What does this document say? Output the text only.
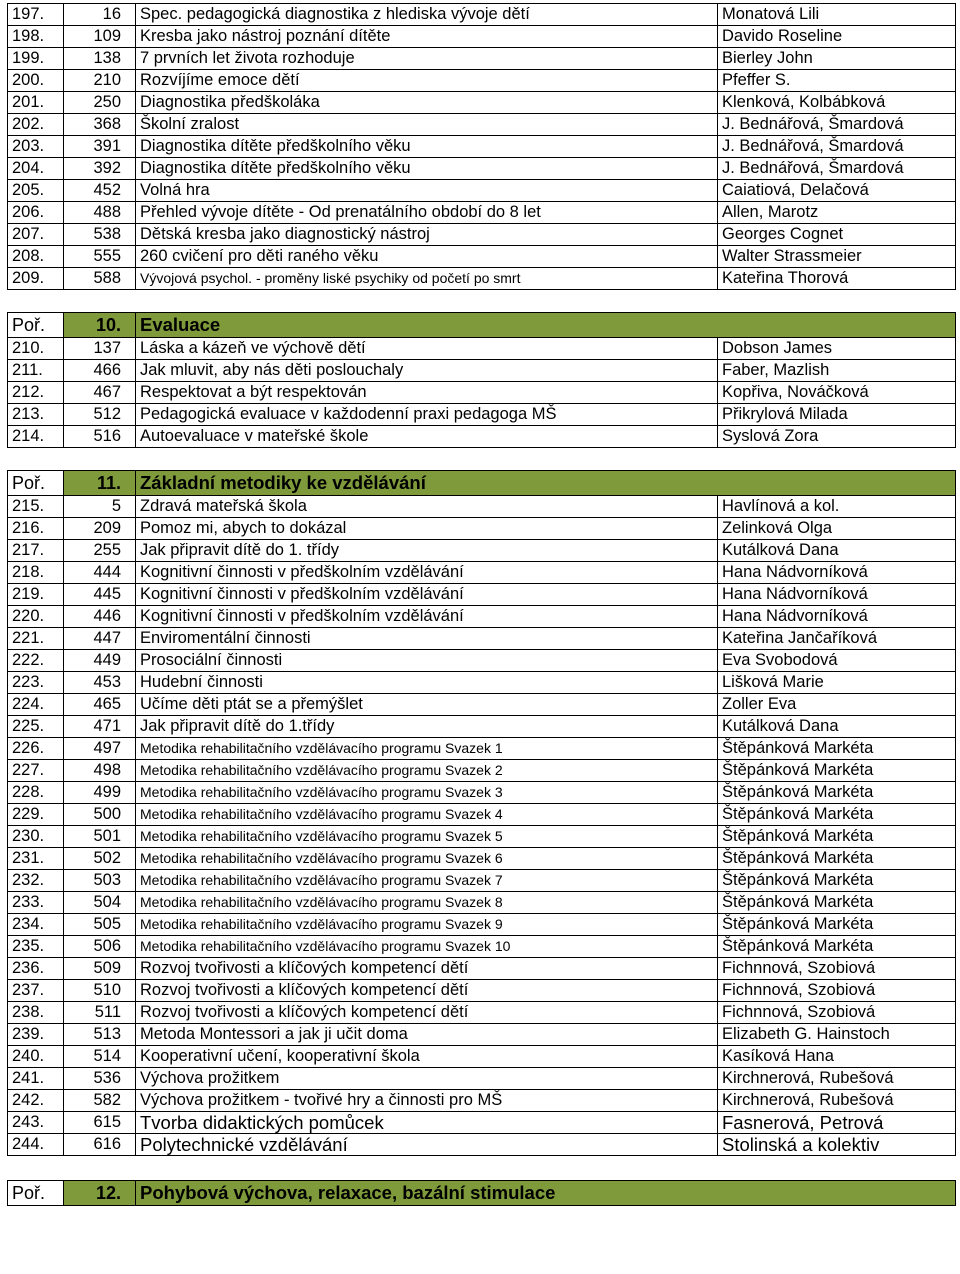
197.	16	Spec. pedagogická diagnostika z hlediska vývoje dětí	Monatová Lili
198.	109	Kresba jako nástroj poznání dítěte	Davido Roseline
199.	138	7 prvních let života rozhoduje	Bierley John
200.	210	Rozvíjíme emoce dětí	Pfeffer S.
201.	250	Diagnostika předškoláka	Klenková, Kolbábková
202.	368	Školní zralost	J. Bednářová, Šmardová
203.	391	Diagnostika dítěte předškolního věku	J. Bednářová, Šmardová
204.	392	Diagnostika dítěte předškolního věku	J. Bednářová, Šmardová
205.	452	Volná hra	Caiatiová, Delačová
206.	488	Přehled vývoje dítěte - Od prenatálního období do 8 let	Allen, Marotz
207.	538	Dětská kresba jako diagnostický nástroj	Georges Cognet
208.	555	260 cvičení pro děti raného věku	Walter Strassmeier
209.	588	Vývojová psychol. - proměny liské psychiky od početí po smrt	Kateřina Thorová
Poř.	10.	Evaluace	
210.	137	Láska a kázeň ve výchově dětí	Dobson James
211.	466	Jak mluvit, aby nás děti poslouchaly	Faber, Mazlish
212.	467	Respektovat a být respektován	Kopřiva, Nováčková
213.	512	Pedagogická evaluace v každodenní praxi pedagoga MŠ	Přikrylová Milada
214.	516	Autoevaluace v mateřské škole	Syslová Zora
Poř.	11.	Základní metodiky ke vzdělávání	
215.	5	Zdravá mateřská škola	Havlínová a kol.
216.	209	Pomoz mi, abych to dokázal	Zelinková Olga
217.	255	Jak připravit dítě do 1. třídy	Kutálková Dana
218.	444	Kognitivní činnosti v předškolním vzdělávání	Hana Nádvorníková
219.	445	Kognitivní činnosti v předškolním vzdělávání	Hana Nádvorníková
220.	446	Kognitivní činnosti v předškolním vzdělávání	Hana Nádvorníková
221.	447	Enviromentální činnosti	Kateřina Jančaříková
222.	449	Prosociální činnosti	Eva Svobodová
223.	453	Hudební činnosti	Lišková Marie
224.	465	Učíme děti ptát se a přemýšlet	Zoller Eva
225.	471	Jak připravit dítě do 1.třídy	Kutálková Dana
226.	497	Metodika rehabilitačního vzdělávacího programu Svazek 1	Štěpánková Markéta
227.	498	Metodika rehabilitačního vzdělávacího programu Svazek 2	Štěpánková Markéta
228.	499	Metodika rehabilitačního vzdělávacího programu Svazek 3	Štěpánková Markéta
229.	500	Metodika rehabilitačního vzdělávacího programu Svazek 4	Štěpánková Markéta
230.	501	Metodika rehabilitačního vzdělávacího programu Svazek 5	Štěpánková Markéta
231.	502	Metodika rehabilitačního vzdělávacího programu Svazek 6	Štěpánková Markéta
232.	503	Metodika rehabilitačního vzdělávacího programu Svazek 7	Štěpánková Markéta
233.	504	Metodika rehabilitačního vzdělávacího programu Svazek 8	Štěpánková Markéta
234.	505	Metodika rehabilitačního vzdělávacího programu Svazek 9	Štěpánková Markéta
235.	506	Metodika rehabilitačního vzdělávacího programu Svazek 10	Štěpánková Markéta
236.	509	Rozvoj tvořivosti a klíčových kompetencí dětí	Fichnnová, Szobiová
237.	510	Rozvoj tvořivosti a klíčových kompetencí dětí	Fichnnová, Szobiová
238.	511	Rozvoj tvořivosti a klíčových kompetencí dětí	Fichnnová, Szobiová
239.	513	Metoda Montessori a jak ji učit doma	Elizabeth G. Hainstoch
240.	514	Kooperativní učení, kooperativní škola	Kasíková Hana
241.	536	Výchova prožitkem	Kirchnerová, Rubešová
242.	582	Výchova prožitkem - tvořivé hry a činnosti pro MŠ	Kirchnerová, Rubešová
243.	615	Tvorba didaktických pomůcek	Fasnerová, Petrová
244.	616	Polytechnické vzdělávání	Stolinská a kolektiv
Poř.	12.	Pohybová výchova, relaxace, bazální stimulace
